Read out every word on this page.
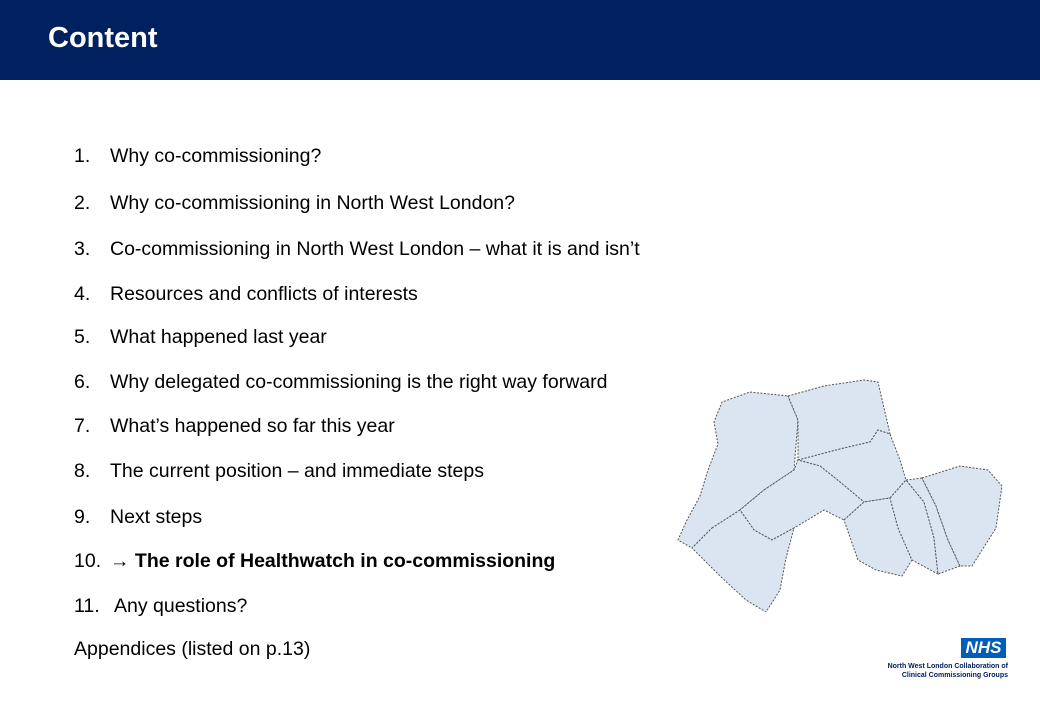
Content
1. Why co-commissioning?
2. Why co-commissioning in North West London?
3. Co-commissioning in North West London – what it is and isn’t
4. Resources and conflicts of interests
5. What happened last year
6. Why delegated co-commissioning is the right way forward
7. What’s happened so far this year
8. The current position – and immediate steps
9. Next steps
10. → The role of Healthwatch in co-commissioning
11. Any questions?
Appendices (listed on p.13)	NHS
North West London Collaboration of
Clinical Commissioning Groups
